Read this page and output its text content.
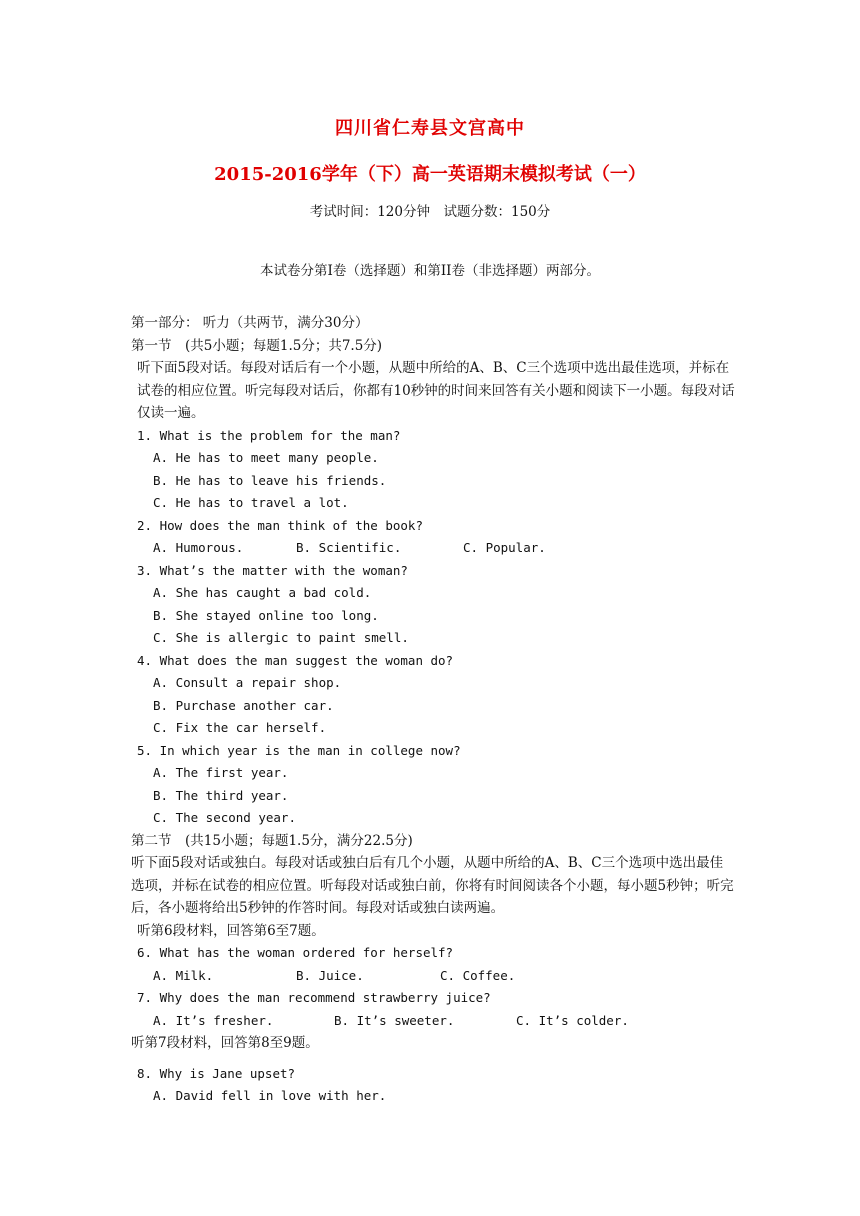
四川省仁寿县文宫高中
2015-2016学年（下）高一英语期末模拟考试（一）
考试时间：120分钟　试题分数：150分
本试卷分第I卷（选择题）和第II卷（非选择题）两部分。
第一部分： 听力（共两节，满分30分）
第一节　(共5小题；每题1.5分；共7.5分)
听下面5段对话。每段对话后有一个小题，从题中所给的A、B、C三个选项中选出最佳选项，并标在试卷的相应位置。听完每段对话后，你都有10秒钟的时间来回答有关小题和阅读下一小题。每段对话仅读一遍。
1. What is the problem for the man?
A. He has to meet many people.
B. He has to leave his friends.
C. He has to travel a lot.
2. How does the man think of the book?
A. Humorous.	B. Scientific.	C. Popular.
3. What’s the matter with the woman?
A. She has caught a bad cold.
B. She stayed online too long.
C. She is allergic to paint smell.
4. What does the man suggest the woman do?
A. Consult a repair shop.
B. Purchase another car.
C. Fix the car herself.
5. In which year is the man in college now?
A. The first year.
B. The third year.
C. The second year.
第二节　(共15小题；每题1.5分，满分22.5分)
听下面5段对话或独白。每段对话或独白后有几个小题，从题中所给的A、B、C三个选项中选出最佳选项，并标在试卷的相应位置。听每段对话或独白前，你将有时间阅读各个小题，每小题5秒钟；听完后，各小题将给出5秒钟的作答时间。每段对话或独白读两遍。
听第6段材料，回答第6至7题。
6. What has the woman ordered for herself?
A. Milk.	B. Juice.	C. Coffee.
7. Why does the man recommend strawberry juice?
A. It’s fresher.	B. It’s sweeter.	C. It’s colder.
听第7段材料，回答第8至9题。
8. Why is Jane upset?
A. David fell in love with her.
